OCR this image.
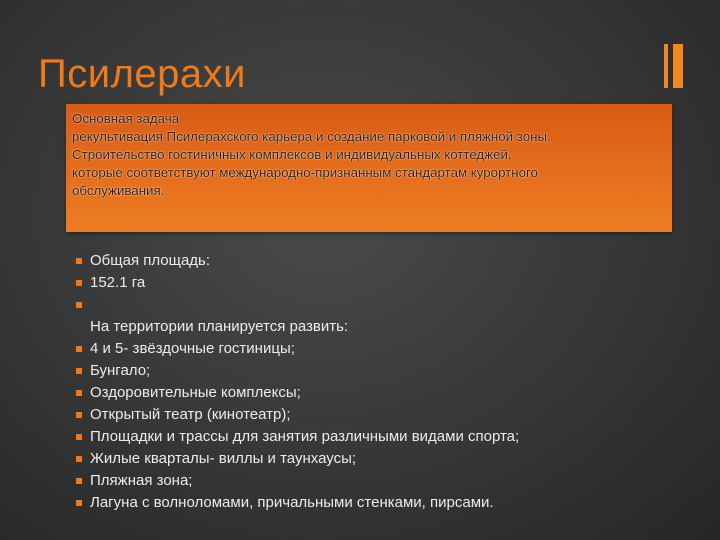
Псилерахи

Основная задача

рекультивация Псилерахского карьера и создание парковой и пляжной зоны.

Строительство гостиничных комплексов и индивидуальных коттеджей,

которые соответствуют международно-признанным стандартам курортного

обслуживания.

Общая площадь:
152.1 га
На территории планируется развить:
4 и 5- звёздочные гостиницы;
Бунгало;
Оздоровительные комплексы;
Открытый театр (кинотеатр);
Площадки и трассы для занятия различными видами спорта;
Жилые кварталы- виллы и таунхаусы;
Пляжная зона;
Лагуна с волноломами, причальными стенками, пирсами.
